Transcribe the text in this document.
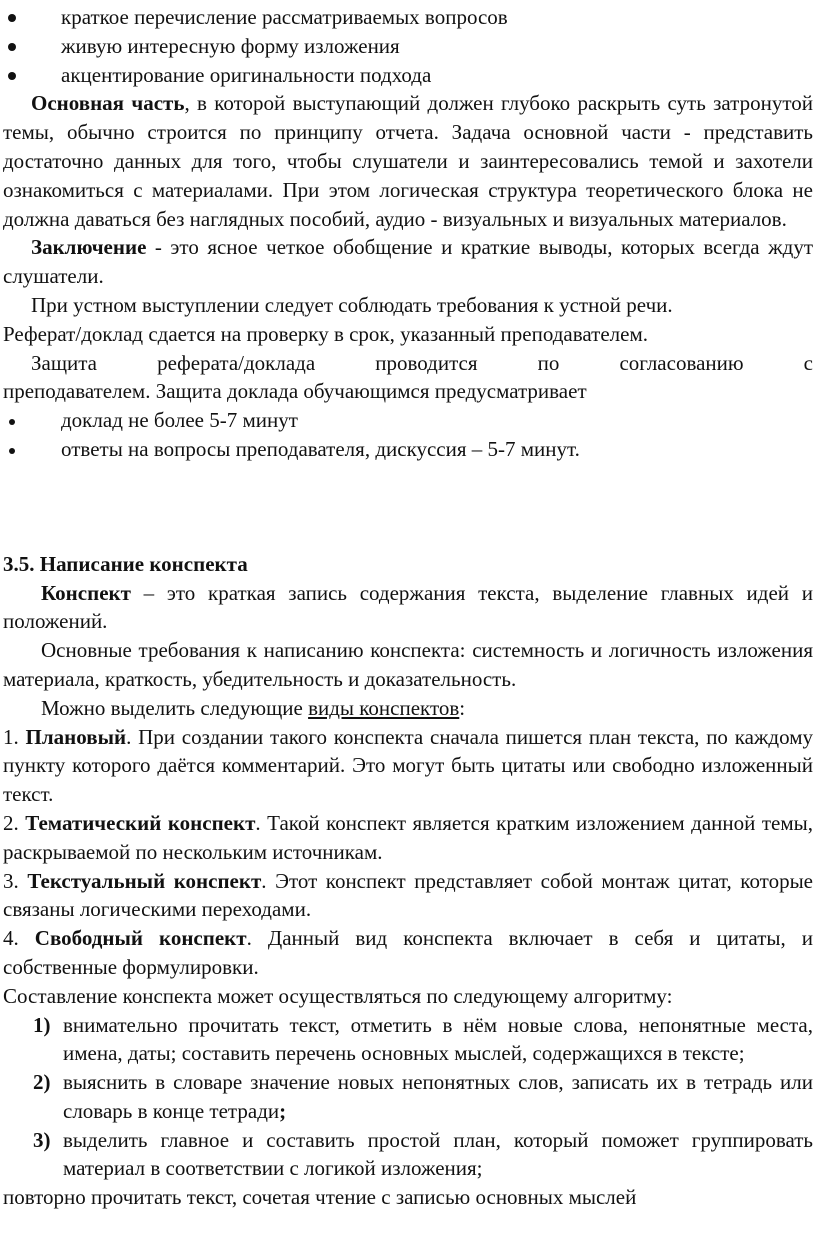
краткое перечисление рассматриваемых вопросов
живую интересную форму изложения
акцентирование оригинальности подхода

Основная часть, в которой выступающий должен глубоко раскрыть суть затронутой темы, обычно строится по принципу отчета. Задача основной части - представить достаточно данных для того, чтобы слушатели и заинтересовались темой и захотели ознакомиться с материалами. При этом логическая структура теоретического блока не должна даваться без наглядных пособий, аудио - визуальных и визуальных материалов.

Заключение - это ясное четкое обобщение и краткие выводы, которых всегда ждут слушатели.

При устном выступлении следует соблюдать требования к устной речи.

Реферат/доклад сдается на проверку в срок, указанный преподавателем.

Защита реферата/доклада проводится по согласованию с

преподавателем. Защита доклада обучающимся предусматривает

доклад не более 5-7 минут
ответы на вопросы преподавателя, дискуссия – 5-7 минут.

3.5. Написание конспекта

Конспект – это краткая запись содержания текста, выделение главных идей и положений.

Основные требования к написанию конспекта: системность и логичность изложения материала, краткость, убедительность и доказательность.

Можно выделить следующие виды конспектов:

1. Плановый. При создании такого конспекта сначала пишется план текста, по каждому пункту которого даётся комментарий. Это могут быть цитаты или свободно изложенный текст.

2. Тематический конспект. Такой конспект является кратким изложением данной темы, раскрываемой по нескольким источникам.

3. Текстуальный конспект. Этот конспект представляет собой монтаж цитат, которые связаны логическими переходами.

4. Свободный конспект. Данный вид конспекта включает в себя и цитаты, и собственные формулировки.

Составление конспекта может осуществляться по следующему алгоритму:

1) внимательно прочитать текст, отметить в нём новые слова, непонятные места, имена, даты; составить перечень основных мыслей, содержащихся в тексте;

2) выяснить в словаре значение новых непонятных слов, записать их в тетрадь или словарь в конце тетради;

3) выделить главное и составить простой план, который поможет группировать материал в соответствии с логикой изложения;

повторно прочитать текст, сочетая чтение с записью основных мыслей
